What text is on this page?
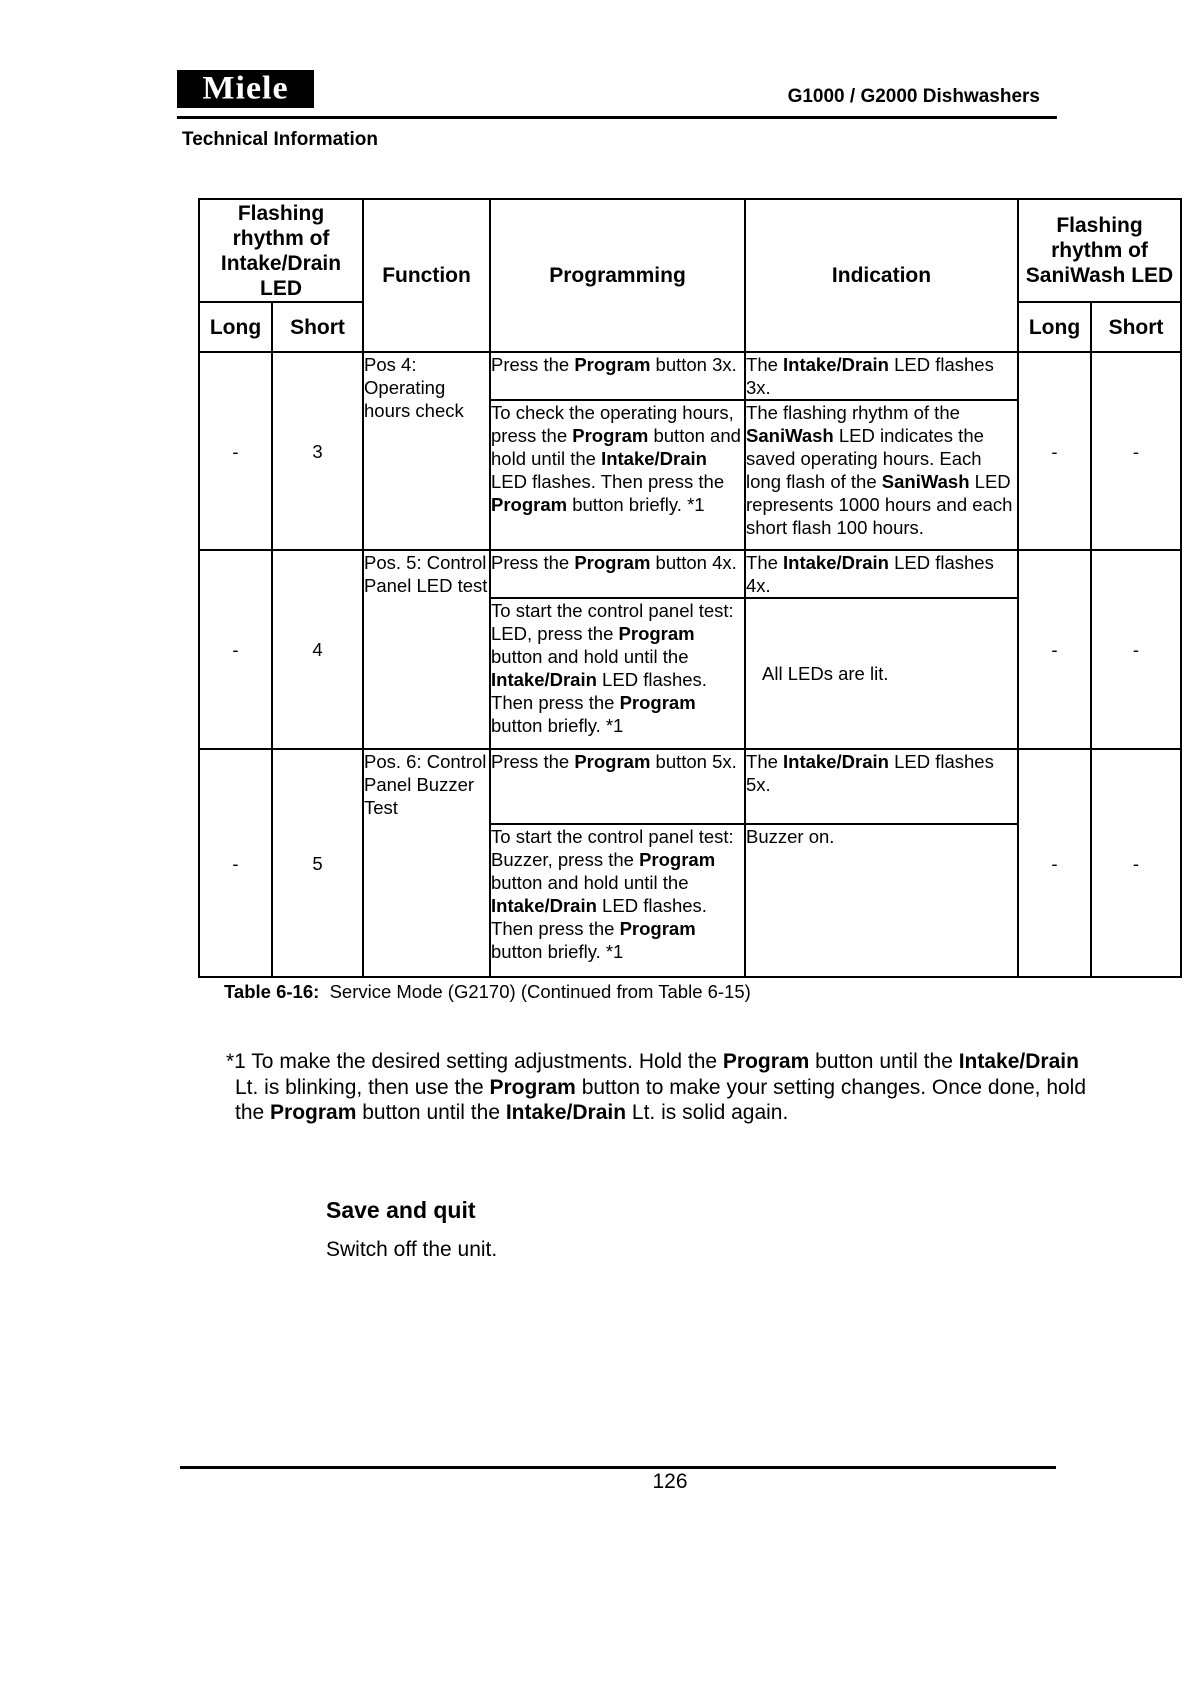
Miele	G1000 / G2000 Dishwashers
Technical Information
Flashing rhythm of Intake/Drain LED		Function	Programming	Indication	Flashing rhythm of SaniWash LED	
Long	Short				Long	Short
-	3	Pos 4: Operating hours check	Press the Program button 3x.	The Intake/Drain LED flashes 3x.	-	-
			To check the operating hours, press the Program button and hold until the Intake/Drain LED flashes. Then press the Program button briefly. *1	The flashing rhythm of the SaniWash LED indicates the saved operating hours. Each long flash of the SaniWash LED represents 1000 hours and each short flash 100 hours.		
-	4	Pos. 5: Control Panel LED test	Press the Program button 4x.	The Intake/Drain LED flashes 4x.	-	-
			To start the control panel test: LED, press the Program button and hold until the Intake/Drain LED flashes. Then press the Program button briefly. *1	All LEDs are lit.		
-	5	Pos. 6: Control Panel Buzzer Test	Press the Program button 5x.	The Intake/Drain LED flashes 5x.	-	-
			To start the control panel test: Buzzer, press the Program button and hold until the Intake/Drain LED flashes. Then press the Program button briefly. *1	Buzzer on.		
Table 6-16: Service Mode (G2170) (Continued from Table 6-15)
*1 To make the desired setting adjustments. Hold the Program button until the Intake/Drain
Lt. is blinking, then use the Program button to make your setting changes. Once done, hold
the Program button until the Intake/Drain Lt. is solid again.
Save and quit
Switch off the unit.
126
